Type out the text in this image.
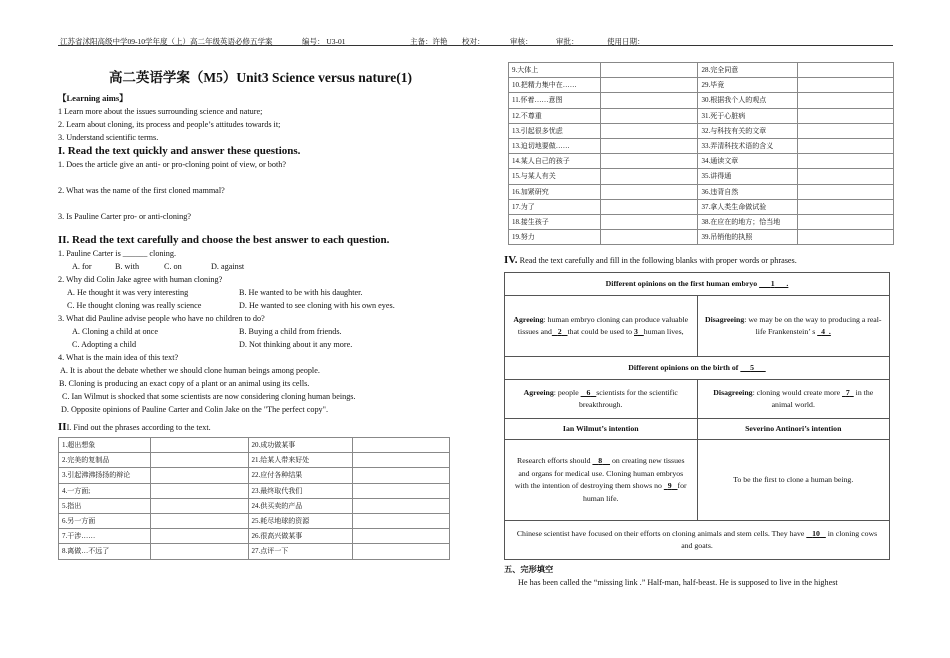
江苏省沭阳高级中学09-10学年度（上）高二年级英语必修五学案	编号： U3-01	主备：许艳 校对：	审核：	审批：	使用日期：
高二英语学案（M5）Unit3 Science versus nature(1)
【Learning aims】
1 Learn more about the issues surrounding science and nature;
2. Learn about cloning, its process and people’s attitudes towards it;
3. Understand scientific terms.
I. Read the text quickly and answer these questions.
1. Does the article give an anti- or pro-cloning point of view, or both?
2. What was the name of the first cloned mammal?
3. Is Pauline Carter pro- or anti-cloning?
II. Read the text carefully and choose the best answer to each question.
1. Pauline Carter is ______ cloning.
A. for	B. with	C. on	D. against
2. Why did Colin Jake agree with human cloning?
A. He thought it was very interesting	B. He wanted to be with his daughter.
C. He thought cloning was really science	D. He wanted to see cloning with his own eyes.
3. What did Pauline advise people who have no children to do?
A. Cloning a child at once	B. Buying a child from friends.
C. Adopting a child	D. Not thinking about it any more.
4. What is the main idea of this text?
A. It is about the debate whether we should clone human beings among people.
B. Cloning is producing an exact copy of a plant or an animal using its cells.
C. Ian Wilmut is shocked that some scientists are now considering cloning human beings.
D. Opposite opinions of Pauline Carter and Colin Jake on the "The perfect copy".
III. Find out the phrases according to the text.
1.超出想象		20.成功做某事	
2.完美的复制品		21.给某人带来好处	
3.引起沸沸扬扬的辩论		22.应付各种结果	
4.一方面;		23.最终取代我们	
5.指出		24.供买卖的产品	
6.另一方面		25.耗尽地球的资源	
7.干涉……		26.很高兴做某事	
8.离做…不远了		27.点评一下	
9.大体上		28.完全同意	
10.把精力集中在……		29.毕竟	
11.怀着……意图		30.根据我个人的观点	
12.不尊重		31.死于心脏病	
13.引起很多忧虑		32.与科技有关的文章	
13.迫切地要做……		33.弄清科技术语的含义	
14.某人自己的孩子		34.通读文章	
15.与某人有关		35.讲得通	
16.加紧研究		36.违背自然	
17.为了		37.拿人类生命做试验	
18.接生孩子		38.在应在的地方；恰当地	
19.努力		39.吊销他的执照	
IV. Read the text carefully and fill in the following blanks with proper words or phrases.
Different opinions on the first human embryo 1      .	
Agreeing: human embryo cloning can produce valuable tissues and 2 that could be used to 3 human lives,	Disagreeing: we may be on the way to producing a real-life Frankenstein’ s 4  .
Different opinions on the birth of 5	
Agreeing: people 6 scientists for the scientific breakthrough.	Disagreeing: cloning would create more 7 in the animal world.
Ian Wilmut’s intention	Severino Antinori’s intention
Research efforts should 8 on creating new tissues and organs for medical use. Cloning human embryos with the intention of destroying them shows no 9 for human life.	To be the first to clone a human being.
Chinese scientist have focused on their efforts on cloning animals and stem cells. They have 10 in cloning cows and goats.	
五、完形填空
He has been called the “missing link .” Half-man, half-beast. He is supposed to live in the highest
